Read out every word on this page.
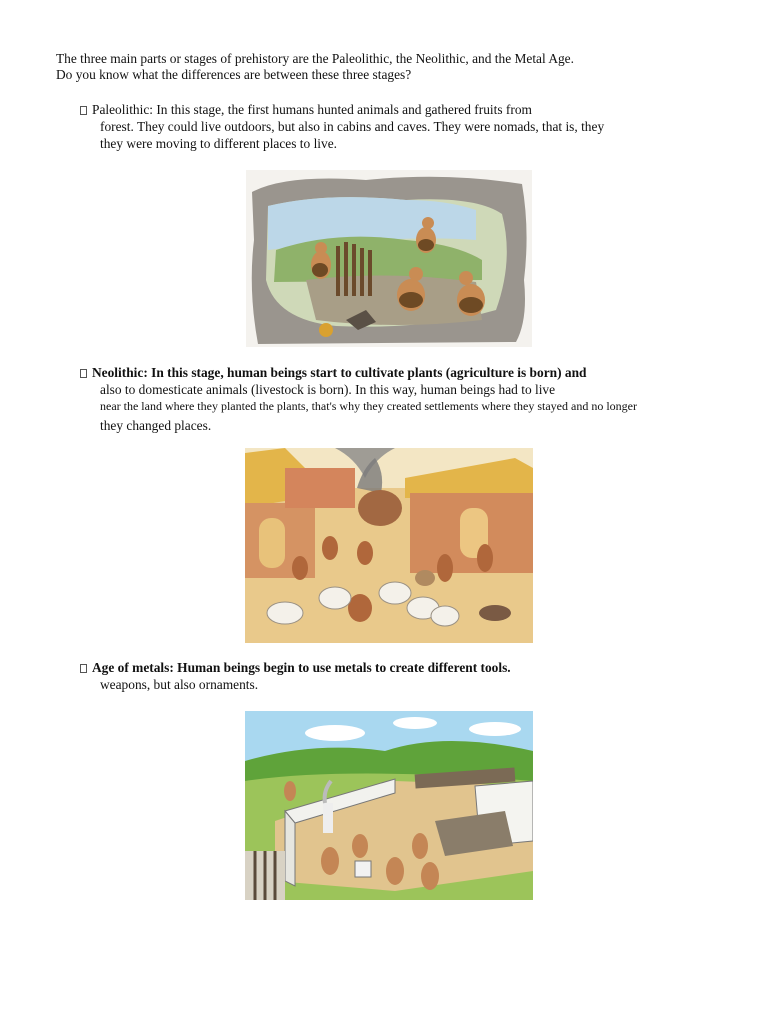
The three main parts or stages of prehistory are the Paleolithic, the Neolithic, and the Metal Age.

Do you know what the differences are between these three stages?

Paleolithic: In this stage, the first humans hunted animals and gathered fruits from

forest. They could live outdoors, but also in cabins and caves. They were nomads, that is, they

they were moving to different places to live.

Neolithic: In this stage, human beings start to cultivate plants (agriculture is born) and

also to domesticate animals (livestock is born). In this way, human beings had to live

near the land where they planted the plants, that's why they created settlements where they stayed and no longer

they changed places.

Age of metals: Human beings begin to use metals to create different tools.

weapons, but also ornaments.
